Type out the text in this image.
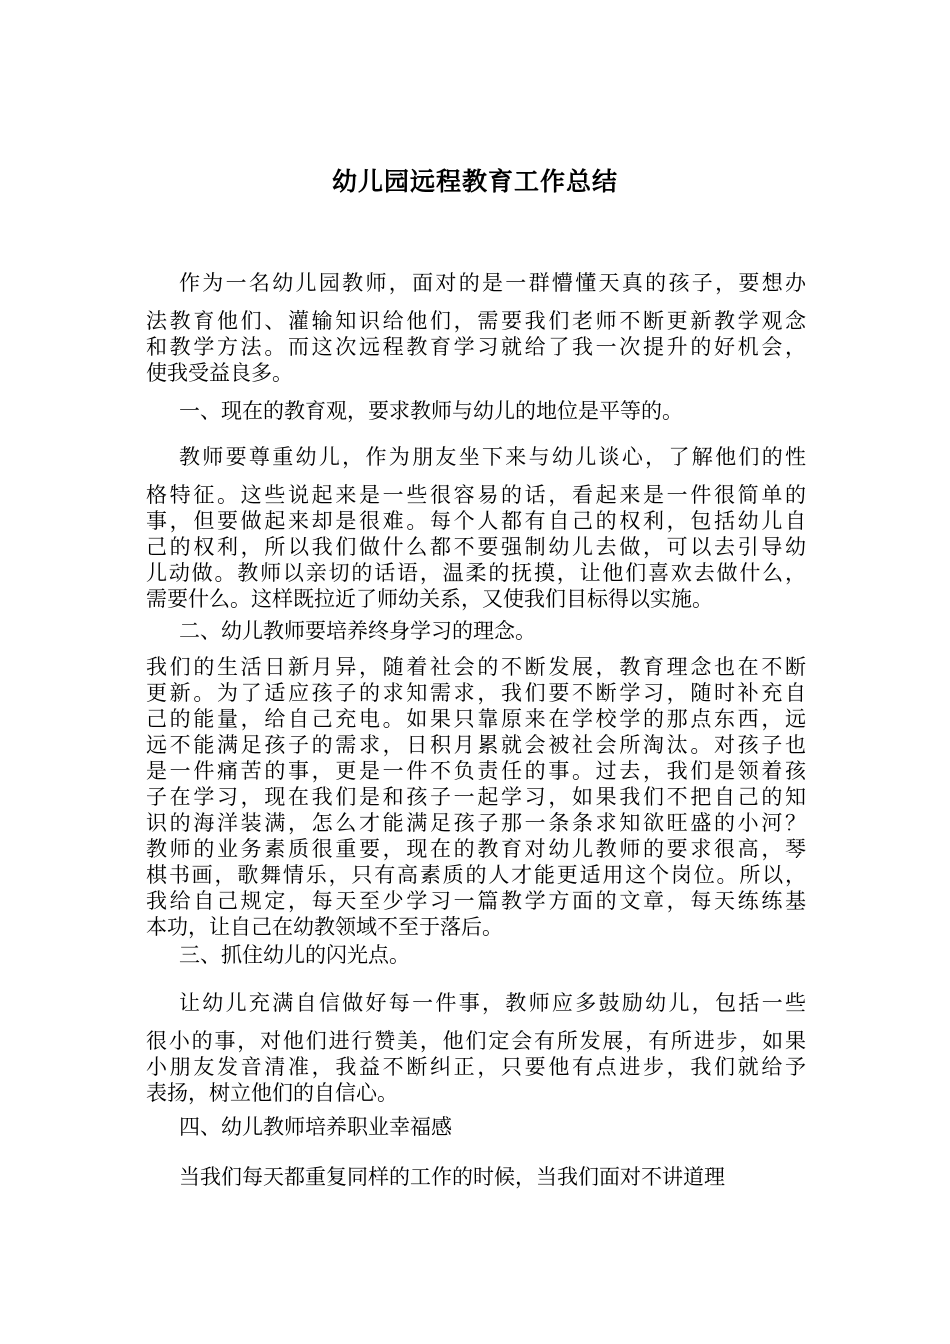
幼儿园远程教育工作总结
作为一名幼儿园教师，面对的是一群懵懂天真的孩子，要想办
法教育他们、灌输知识给他们，需要我们老师不断更新教学观念
和教学方法。而这次远程教育学习就给了我一次提升的好机会，
使我受益良多。
一、现在的教育观，要求教师与幼儿的地位是平等的。
教师要尊重幼儿，作为朋友坐下来与幼儿谈心，了解他们的性
格特征。这些说起来是一些很容易的话，看起来是一件很简单的
事，但要做起来却是很难。每个人都有自己的权利，包括幼儿自
己的权利，所以我们做什么都不要强制幼儿去做，可以去引导幼
儿动做。教师以亲切的话语，温柔的抚摸，让他们喜欢去做什么，
需要什么。这样既拉近了师幼关系，又使我们目标得以实施。
二、幼儿教师要培养终身学习的理念。
我们的生活日新月异，随着社会的不断发展，教育理念也在不断
更新。为了适应孩子的求知需求，我们要不断学习，随时补充自
己的能量，给自己充电。如果只靠原来在学校学的那点东西，远
远不能满足孩子的需求，日积月累就会被社会所淘汰。对孩子也
是一件痛苦的事，更是一件不负责任的事。过去，我们是领着孩
子在学习，现在我们是和孩子一起学习，如果我们不把自己的知
识的海洋装满，怎么才能满足孩子那一条条求知欲旺盛的小河？
教师的业务素质很重要，现在的教育对幼儿教师的要求很高，琴
棋书画，歌舞情乐，只有高素质的人才能更适用这个岗位。所以，
我给自己规定，每天至少学习一篇教学方面的文章，每天练练基
本功，让自己在幼教领域不至于落后。
三、抓住幼儿的闪光点。
让幼儿充满自信做好每一件事，教师应多鼓励幼儿，包括一些
很小的事，对他们进行赞美，他们定会有所发展，有所进步，如果
小朋友发音清准，我益不断纠正，只要他有点进步，我们就给予
表扬，树立他们的自信心。
四、幼儿教师培养职业幸福感
当我们每天都重复同样的工作的时候，当我们面对不讲道理
